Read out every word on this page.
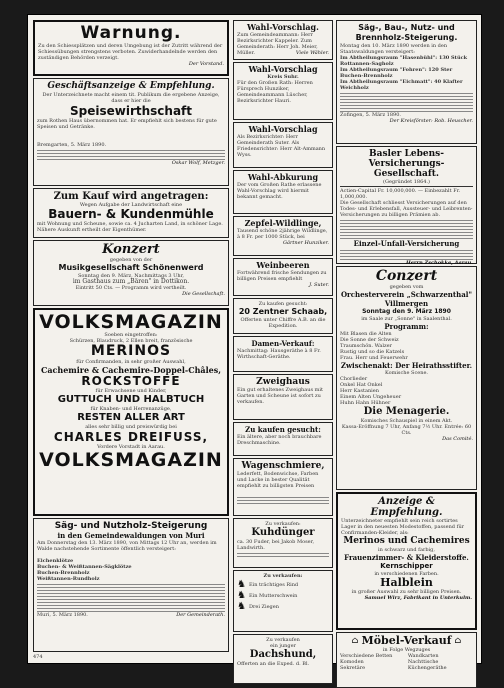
Warnung.
Zu den Schiessplätzen und deren Umgebung ist der Zutritt während der Schiessübungen strengstens verboten. Zuwiderhandelnde werden den zuständigen Behörden verzeigt.
Der Vorstand.
Geschäftsanzeige & Empfehlung.
Der Unterzeichnete macht einem tit. Publikum die ergebene Anzeige, dass er hier die
Speisewirthschaft
zum Rothen Haus übernommen hat. Er empfiehlt sich bestens für gute Speisen und Getränke.
Bremgarten, 5. März 1890.
Oskar Wolf, Metzger.
Zum Kauf wird angetragen:
Wegen Aufgabe der Landwirtschaft eine
Bauern- & Kundenmühle
mit Wohnung und Scheune, sowie ca. 4 Jucharten Land, in schöner Lage. Nähere Auskunft ertheilt der Eigenthümer.
Konzert
gegeben von der
Musikgesellschaft Schönenwerd
Sonntag den 9. März, Nachmittags 3 Uhr,
im Gasthaus zum „Bären" in Dottikon.
Eintritt 50 Cts. — Programm wird vertheilt.
Die Gesellschaft.
VOLKSMAGAZIN
Soeben eingetroffen:
Schürzen, Blaudruck, 2 Ellen breit, französische
MERINOS
für Confirmanden, in sehr großer Auswahl,
Cachemire & Cachemire-Doppel-Châles,
ROCKSTOFFE
für Erwachsene und Kinder,
GUTTUCH UND HALBTUCH
für Knaben- und Herrenanzüge,
RESTEN ALLER ART
alles sehr billig und preiswürdig bei
CHARLES DREIFUSS,
Vordere Vorstadt in Aarau.
VOLKSMAGAZIN
Säg- und Nutzholz-Steigerung
in den Gemeindewaldungen von Muri
Am Donnerstag den 13. März 1890, von Mittags 12 Uhr an, werden im Walde nachstehende Sortimente öffentlich versteigert:
Eichenklötze
Buchen- & Weißtannen-Sägklötze
Buchen-Brennholz
Weißtannen-Rundholz
Muri, 5. März 1890.	Der Gemeinderath.
474
Wahl-Vorschlag.
Zum Gemeindeammann: Herr Bezirksrichter Kappeler. Zum Gemeinderath: Herr Joh. Meier, Müller.	Viele Wähler.
Wahl-Vorschlag
Kreis Suhr.
Für den Großen Rath: Herren Fürsprech Hunziker, Gemeindeammann Lüscher, Bezirksrichter Hauri.
Wahl-Vorschlag
Als Bezirksrichter: Herr Gemeinderath Suter. Als Friedensrichter: Herr Alt-Ammann Wyss.
Wahl-Abkurung
Der vom Großen Rathe erlassene Wahl-Vorschlag wird hiermit bekannt gemacht.
Zepfel-Wildlinge,
Tausend schöne 2jährige Wildlinge, à 8 Fr. per 1000 Stück, bei
Gärtner Hunziker.
Weinbeeren
Fortwährend frische Sendungen zu billigen Preisen empfiehlt
J. Suter.
Zu kaufen gesucht:
20 Zentner Schaab,
Offerten unter Chiffre A.B. an die Expedition.
Damen-Verkauf:
Nachmittag: Hausgeräthe à 8 Fr. Wirthschaft-Geräthe.
Zweighaus
Ein gut erhaltenes Zweighaus mit Garten und Scheune ist sofort zu verkaufen.
Zu kaufen gesucht:
Ein ältere, aber noch brauchbare Dreschmaschine.
Wagenschmiere,
Lederfett, Bodenwichse, Farben und Lacke in bester Qualität empfiehlt zu billigsten Preisen
Zu verkaufen:
Kuhdünger
ca. 30 Fuder, bei Jakob Moser, Landwirth.
Zu verkaufen:
♞ Ein trächtiges Rind
♞ Ein Mutterschwein
♞ Drei Ziegen
Zu verkaufen
ein junger
Dachshund,
Offerten an die Exped. d. Bl.
Säg-, Bau-, Nutz- und Brennholz-Steigerung.
Montag den 10. März 1890 werden in den Staatswaldungen versteigert:
Im Abtheilungsraum "Hasenbühl": 130 Stück Rottannen-Sagholz
Im Abtheilungsraum "Fohren": 120 Ster Buchen-Brennholz
Im Abtheilungsraum "Eichmatt": 40 Klafter Weichholz
Zofingen, 5. März 1890.
Der Kreisförster: Rob. Heuscher.
Basler Lebens-Versicherungs-Gesellschaft.
(Gegründet 1864.)
Actien-Capital Fr. 10,000,000. — Einbezahlt Fr. 1,000,000.
Die Gesellschaft schliesst Versicherungen auf den Todes- und Erlebensfall, Aussteuer- und Leibrenten-Versicherungen zu billigen Prämien ab.
Einzel-Unfall-Versicherung
Herrn Zschokke, Aarau.
Conzert
gegeben vom
Orchesterverein „Schwarzenthal" Villmergen
Sonntag den 9. März 1890
im Saale zur „Sonne" in Saalenthal.
Programm:
Mit Blasen die Alten
Die Sonne der Schweiz
Traumschön. Walzer
Rustig und so die Katzels
Frau. Herr und Feuerwehr
Zwischenakt: Der Heirathsstifter.
Komische Scene.
Chorlieder
Onkel Hat Onkel
Herr Kastanien
Einem Alten Ungeheuer
Huhn Hahn Hühner
Die Menagerie.
Komisches Schauspiel in einem Akt.
Kassa-Eröffnung 7 Uhr, Anfang 7½ Uhr. Entrée: 60 Cts.
Das Comité.
Anzeige & Empfehlung.
Unterzeichneter empfiehlt sein reich sortirtes Lager in den neuesten Modestoffen, passend für Confirmanden-Kleider, als:
Merinos und Cachemires
in schwarz und farbig,
Frauenzimmer- & Kleiderstoffe.
Kernschipper
in verschiedenen Farben.
Halblein
in großer Auswahl zu sehr billigen Preisen.
Samuel Wirz, Fabrikant in Unterkulm.
⌂ Möbel-Verkauf ⌂
in Folge Wegzuges
Verschiedene Betten
Komoden
Sekretäre
Wandkarten
Nachttische
Küchengeräthe
